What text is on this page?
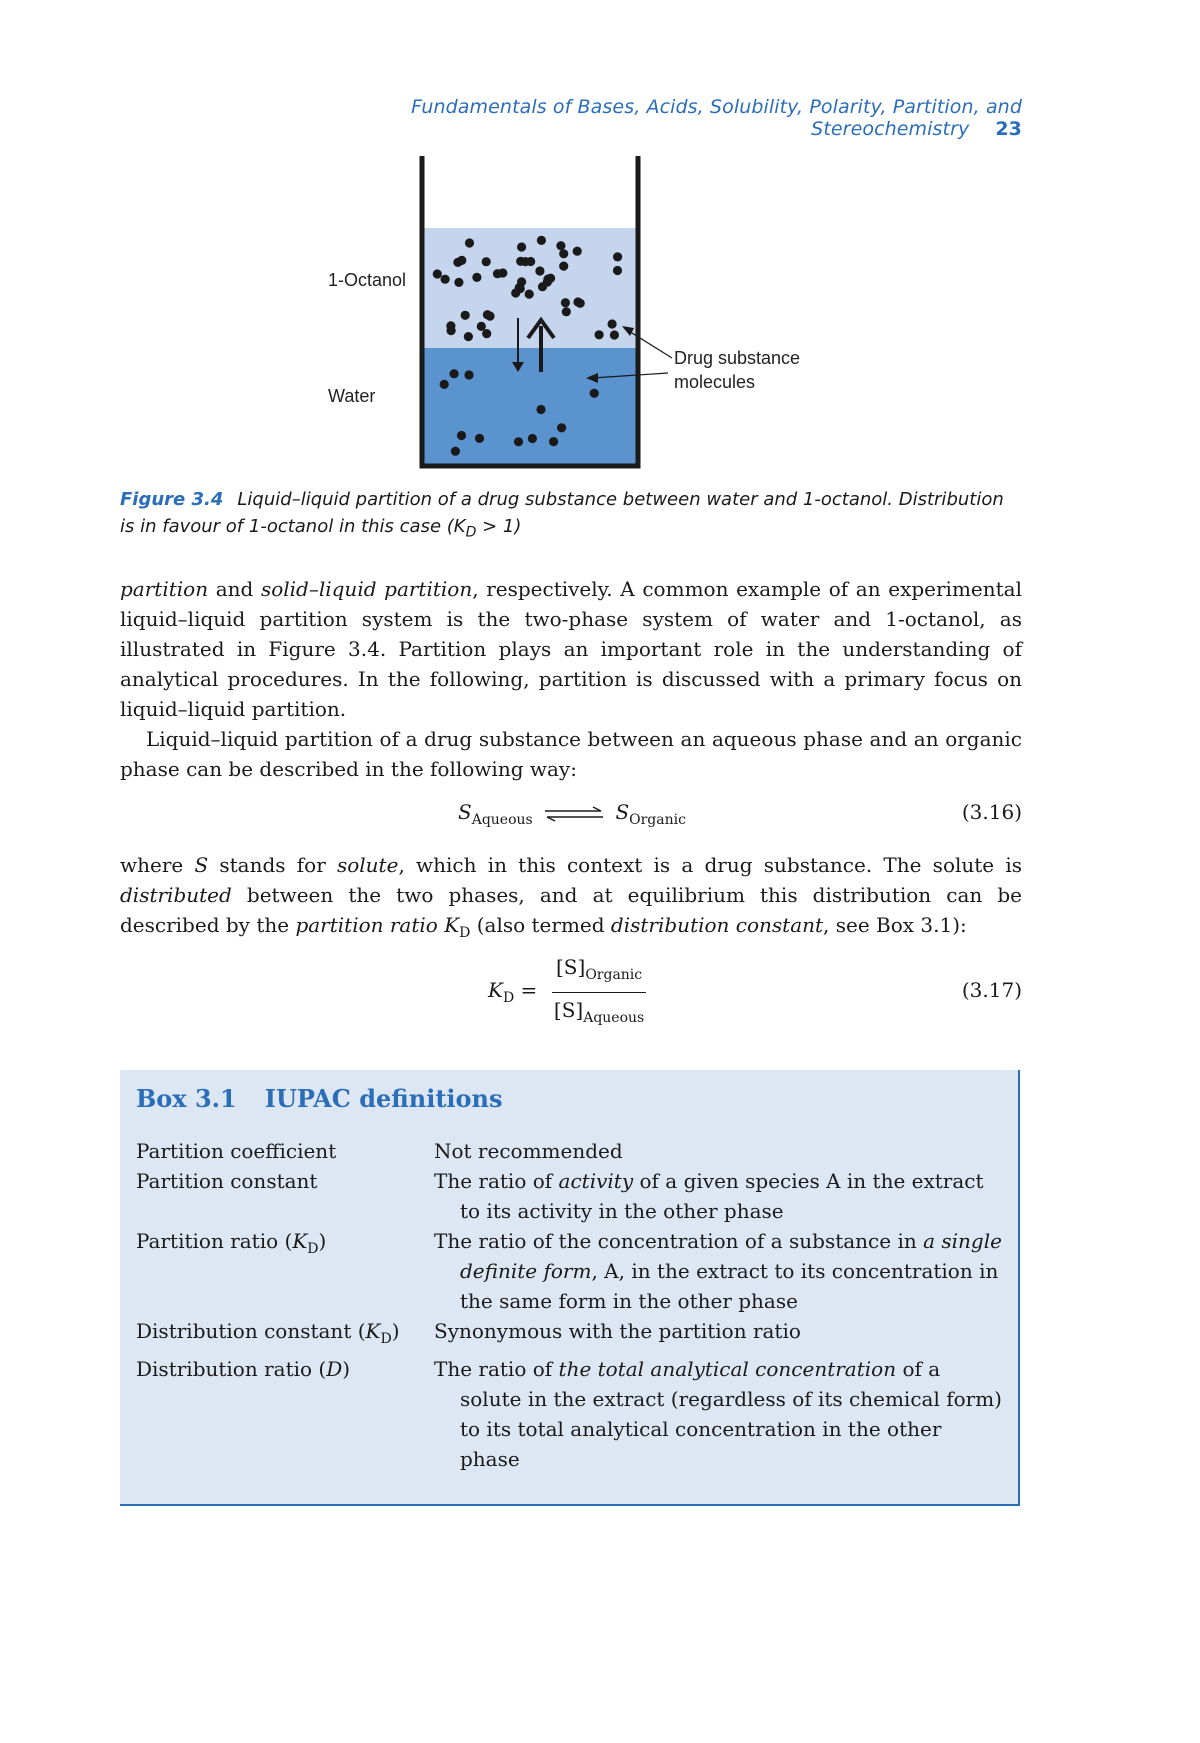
Fundamentals of Bases, Acids, Solubility, Polarity, Partition, and Stereochemistry 23
1-Octanol
Water
Drug substance
molecules
Figure 3.4 Liquid–liquid partition of a drug substance between water and 1-octanol. Distribution is in favour of 1-octanol in this case $(K_D > 1)$
partition and solid–liquid partition, respectively. A common example of an experimental liquid–liquid partition system is the two-phase system of water and 1-octanol, as illustrated in Figure 3.4. Partition plays an important role in the understanding of analytical procedures. In the following, partition is discussed with a primary focus on liquid–liquid partition.
Liquid–liquid partition of a drug substance between an aqueous phase and an organic phase can be described in the following way:
$S_{Aqueous}$ ⇌ $S_{Organic}$	(3.16)
where S stands for solute, which in this context is a drug substance. The solute is distributed between the two phases, and at equilibrium this distribution can be described by the partition ratio $K_D$ (also termed distribution constant, see Box 3.1):
$K_D$ =
$[S]_{Organic}$
$[S]_{Aqueous}$
(3.17)
Box 3.1 IUPAC definitions
Partition coefficient	Not recommended
Partition constant	The ratio of activity of a given species A in the extract to its activity in the other phase
Partition ratio $(K_D)$	The ratio of the concentration of a substance in a single definite form, A, in the extract to its concentration in the same form in the other phase
Distribution constant $(K_D)$	Synonymous with the partition ratio
Distribution ratio (D)	The ratio of the total analytical concentration of a solute in the extract (regardless of its chemical form) to its total analytical concentration in the other phase
